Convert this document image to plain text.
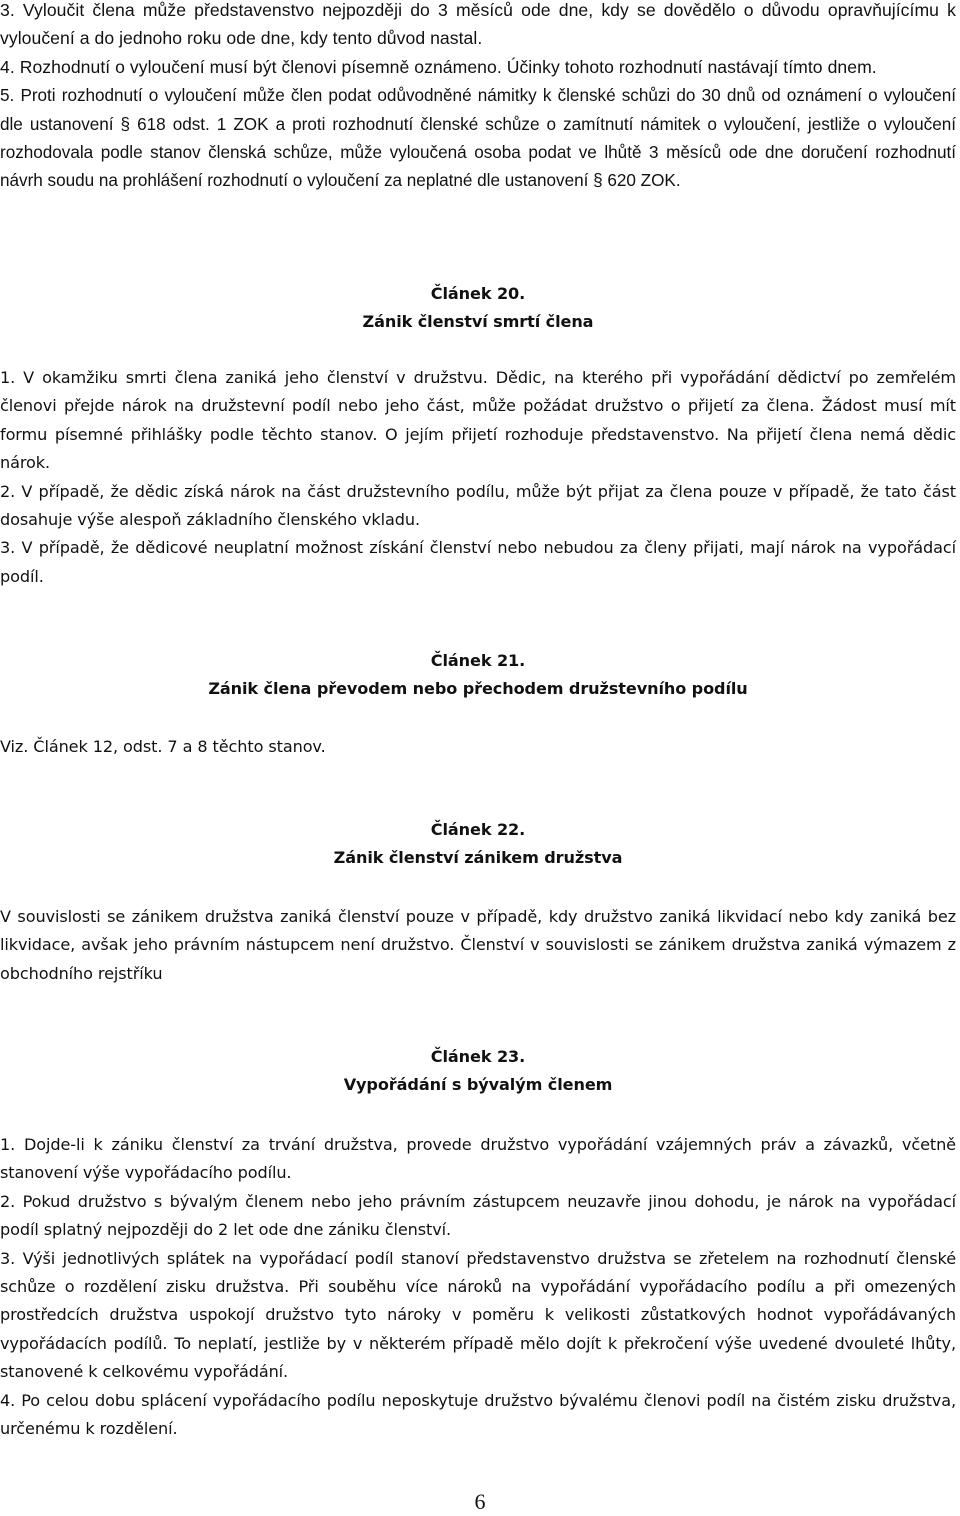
3. Vyloučit člena může představenstvo nejpozději do 3 měsíců ode dne, kdy se dovědělo o důvodu opravňujícímu k vyloučení a do jednoho roku ode dne, kdy tento důvod nastal.

4. Rozhodnutí o vyloučení musí být členovi písemně oznámeno. Účinky tohoto rozhodnutí nastávají tímto dnem.

5. Proti rozhodnutí o vyloučení může člen podat odůvodněné námitky k členské schůzi do 30 dnů od oznámení o vyloučení dle ustanovení § 618 odst. 1 ZOK a proti rozhodnutí členské schůze o zamítnutí námitek o vyloučení, jestliže o vyloučení rozhodovala podle stanov členská schůze, může vyloučená osoba podat ve lhůtě 3 měsíců ode dne doručení rozhodnutí návrh soudu na prohlášení rozhodnutí o vyloučení za neplatné dle ustanovení § 620 ZOK.

Článek 20.
Zánik členství smrtí člena

1. V okamžiku smrti člena zaniká jeho členství v družstvu. Dědic, na kterého při vypořádání dědictví po zemřelém členovi přejde nárok na družstevní podíl nebo jeho část, může požádat družstvo o přijetí za člena. Žádost musí mít formu písemné přihlášky podle těchto stanov. O jejím přijetí rozhoduje představenstvo. Na přijetí člena nemá dědic nárok.

2. V případě, že dědic získá nárok na část družstevního podílu, může být přijat za člena pouze v případě, že tato část dosahuje výše alespoň základního členského vkladu.

3. V případě, že dědicové neuplatní možnost získání členství nebo nebudou za členy přijati, mají nárok na vypořádací podíl.

Článek 21.
Zánik člena převodem nebo přechodem družstevního podílu

Viz. Článek 12, odst. 7 a 8 těchto stanov.

Článek 22.
Zánik členství zánikem družstva

V souvislosti se zánikem družstva zaniká členství pouze v případě, kdy družstvo zaniká likvidací nebo kdy zaniká bez likvidace, avšak jeho právním nástupcem není družstvo. Členství v souvislosti se zánikem družstva zaniká výmazem z obchodního rejstříku

Článek 23.
Vypořádání s bývalým členem

1. Dojde-li k zániku členství za trvání družstva, provede družstvo vypořádání vzájemných práv a závazků, včetně stanovení výše vypořádacího podílu.

2. Pokud družstvo s bývalým členem nebo jeho právním zástupcem neuzavře jinou dohodu, je nárok na vypořádací podíl splatný nejpozději do 2 let ode dne zániku členství.

3. Výši jednotlivých splátek na vypořádací podíl stanoví představenstvo družstva se zřetelem na rozhodnutí členské schůze o rozdělení zisku družstva. Při souběhu více nároků na vypořádání vypořádacího podílu a při omezených prostředcích družstva uspokojí družstvo tyto nároky v poměru k velikosti zůstatkových hodnot vypořádávaných vypořádacích podílů. To neplatí, jestliže by v některém případě mělo dojít k překročení výše uvedené dvouleté lhůty, stanovené k celkovému vypořádání.

4. Po celou dobu splácení vypořádacího podílu neposkytuje družstvo bývalému členovi podíl na čistém zisku družstva, určenému k rozdělení.

6
